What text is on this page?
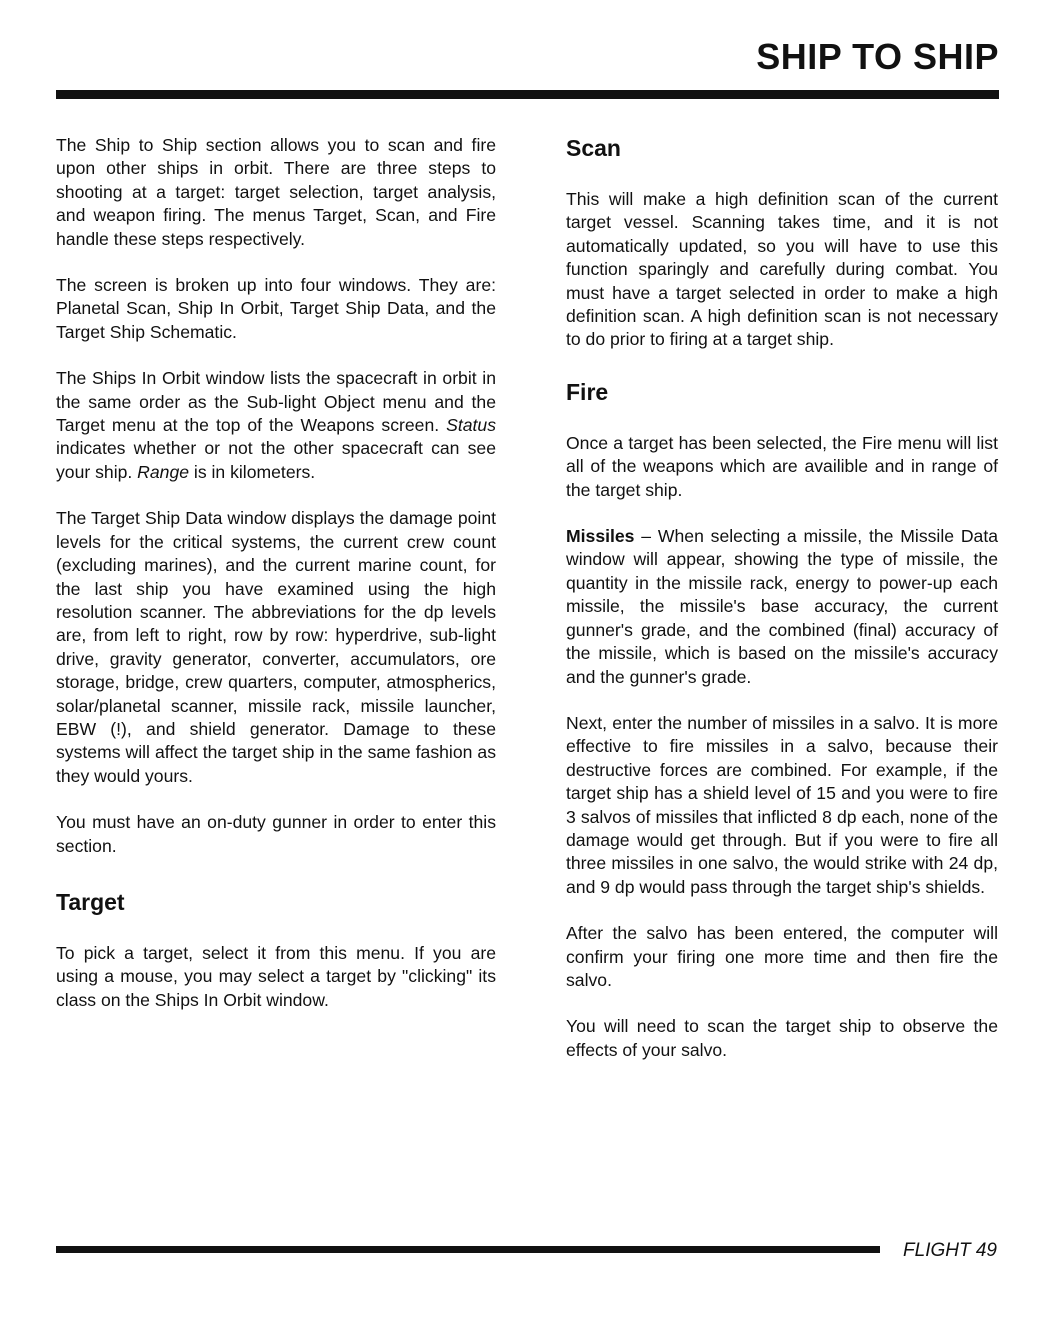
SHIP TO SHIP

The Ship to Ship section allows you to scan and fire upon other ships in orbit. There are three steps to shooting at a target: target selection, target analysis, and weapon firing. The menus Target, Scan, and Fire handle these steps respectively.

The screen is broken up into four windows. They are: Planetal Scan, Ship In Orbit, Target Ship Data, and the Target Ship Schematic.

The Ships In Orbit window lists the spacecraft in orbit in the same order as the Sub-light Object menu and the Target menu at the top of the Weapons screen. Status indicates whether or not the other spacecraft can see your ship. Range is in kilometers.

The Target Ship Data window displays the damage point levels for the critical systems, the current crew count (excluding marines), and the current marine count, for the last ship you have examined using the high resolution scanner. The abbreviations for the dp levels are, from left to right, row by row: hyperdrive, sub-light drive, gravity generator, converter, accumulators, ore storage, bridge, crew quarters, computer, atmospherics, solar/planetal scanner, missile rack, missile launcher, EBW (!), and shield generator. Damage to these systems will affect the target ship in the same fashion as they would yours.

You must have an on-duty gunner in order to enter this section.

Target

To pick a target, select it from this menu. If you are using a mouse, you may select a target by "clicking" its class on the Ships In Orbit window.

Scan

This will make a high definition scan of the current target vessel. Scanning takes time, and it is not automatically updated, so you will have to use this function sparingly and carefully during combat. You must have a target selected in order to make a high definition scan. A high definition scan is not necessary to do prior to firing at a target ship.

Fire

Once a target has been selected, the Fire menu will list all of the weapons which are availible and in range of the target ship.

Missiles – When selecting a missile, the Missile Data window will appear, showing the type of missile, the quantity in the missile rack, energy to power-up each missile, the missile's base accuracy, the current gunner's grade, and the combined (final) accuracy of the missile, which is based on the missile's accuracy and the gunner's grade.

Next, enter the number of missiles in a salvo. It is more effective to fire missiles in a salvo, because their destructive forces are combined. For example, if the target ship has a shield level of 15 and you were to fire 3 salvos of missiles that inflicted 8 dp each, none of the damage would get through. But if you were to fire all three missiles in one salvo, the would strike with 24 dp, and 9 dp would pass through the target ship's shields.

After the salvo has been entered, the computer will confirm your firing one more time and then fire the salvo.

You will need to scan the target ship to observe the effects of your salvo.

FLIGHT 49
